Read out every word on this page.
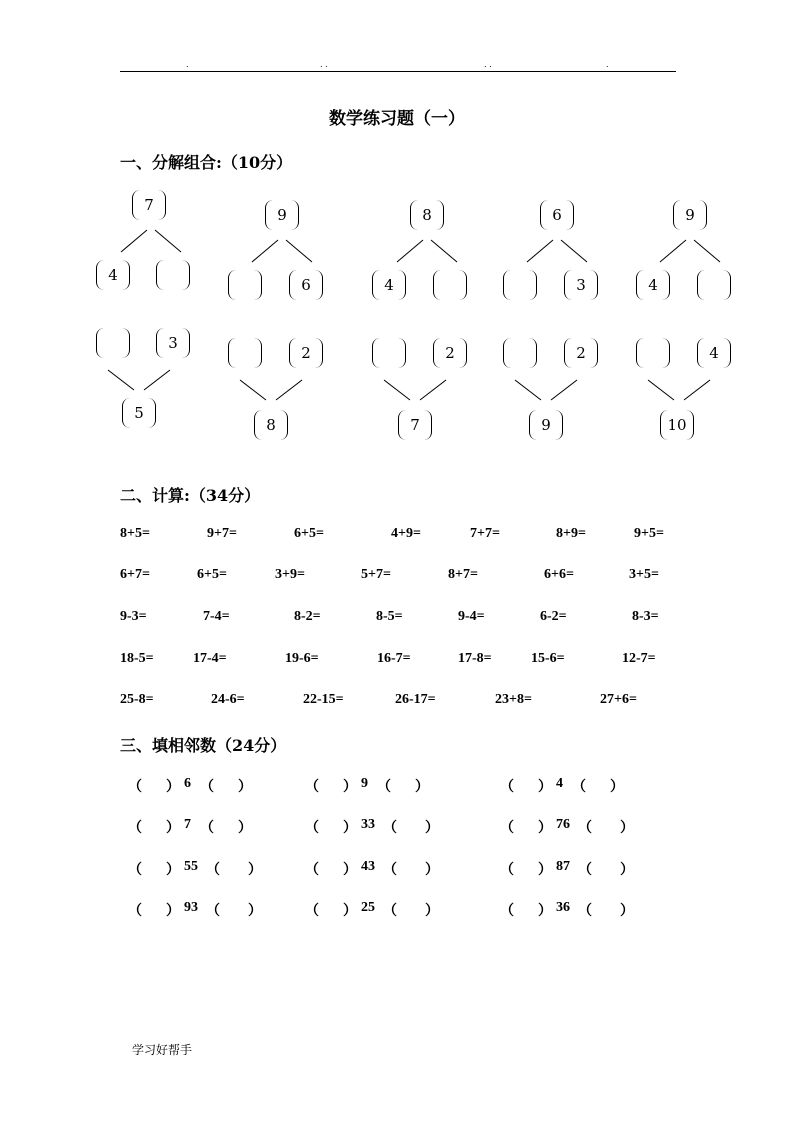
.	. .	. .	.
数学练习题（一）
一、分解组合:（10分）
7
4
9
6
8
4
6
3
9
4
3
5
2
8
2
7
2
9
4
10
二、计算:（34分）
8+5=	9+7=	6+5=	4+9=	7+7=	8+9=	9+5=
6+7=	6+5=	3+9=	5+7=	8+7=	6+6=	3+5=
9-3=	7-4=	8-2=	8-5=	9-4=	6-2=	8-3=
18-5=	17-4=	19-6=	16-7=	17-8=	15-6=	12-7=
25-8=	24-6=	22-15=	26-17=	23+8=	27+6=
三、填相邻数（24分）
（ ） 6 （ ）	（ ） 9 （ ）	（ ） 4 （ ）
（ ） 7 （ ）	（ ） 33 （ ）	（ ） 76 （ ）
（ ） 55 （ ）	（ ） 43 （ ）	（ ） 87 （ ）
（ ） 93 （ ）	（ ） 25 （ ）	（ ） 36 （ ）
学习好帮手
